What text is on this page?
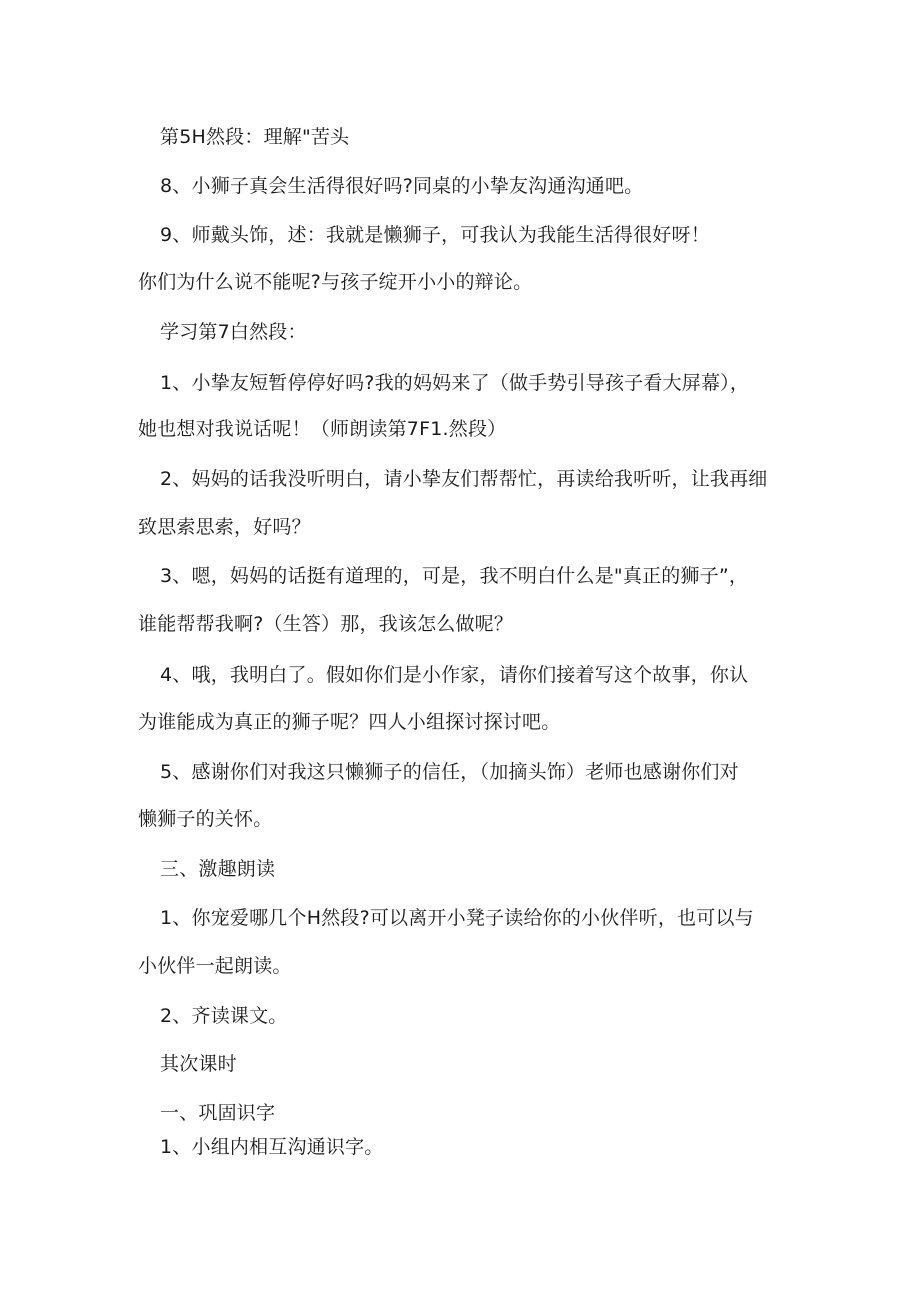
第5H然段：理解"苦头
8、小狮子真会生活得很好吗?同桌的小挚友沟通沟通吧。
9、师戴头饰，述：我就是懒狮子，可我认为我能生活得很好呀！
你们为什么说不能呢?与孩子绽开小小的辩论。
学习第7白然段：
1、小挚友短暂停停好吗?我的妈妈来了（做手势引导孩子看大屏幕），
她也想对我说话呢！（师朗读第7F1.然段）
2、妈妈的话我没听明白，请小挚友们帮帮忙，再读给我听听，让我再细
致思索思索，好吗？
3、嗯，妈妈的话挺有道理的，可是，我不明白什么是"真正的狮子”，
谁能帮帮我啊?（生答）那，我该怎么做呢？
4、哦，我明白了。假如你们是小作家，请你们接着写这个故事，你认
为谁能成为真正的狮子呢？四人小组探讨探讨吧。
5、感谢你们对我这只懒狮子的信任，（加摘头饰）老师也感谢你们对
懒狮子的关怀。
三、激趣朗读
1、你宠爱哪几个H然段?可以离开小凳子读给你的小伙伴听，也可以与
小伙伴一起朗读。
2、齐读课文。
其次课时
一、巩固识字
1、小组内相互沟通识字。
